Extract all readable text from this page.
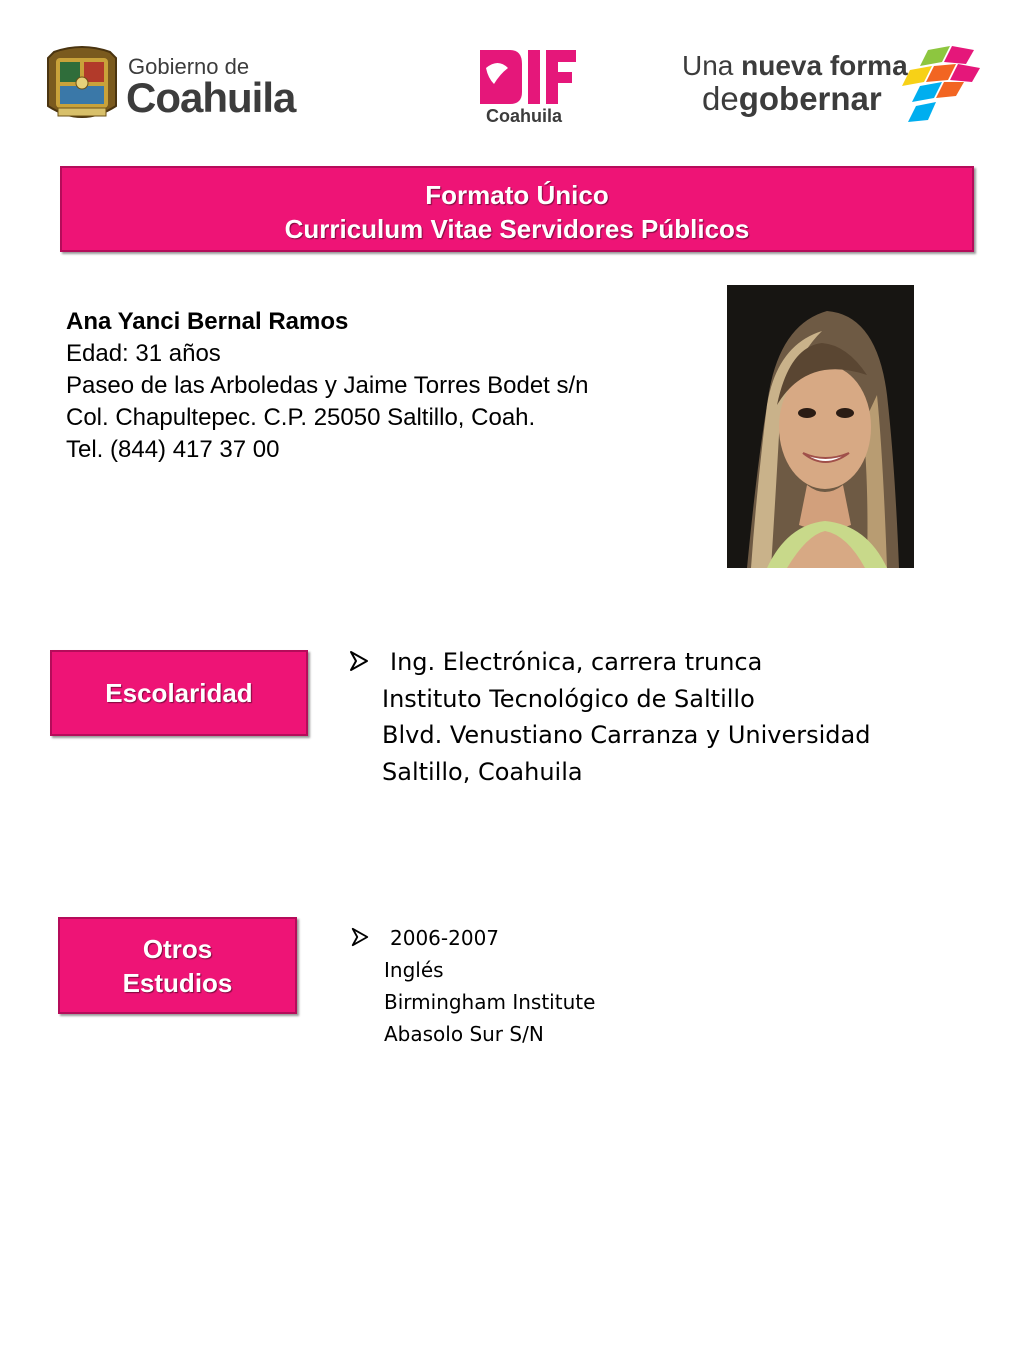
Gobierno de
Coahuila	Coahuila
Una nueva forma
degobernar
Formato Único
Curriculum Vitae Servidores Públicos
Ana Yanci Bernal Ramos
Edad: 31 años
Paseo de las Arboledas y Jaime Torres Bodet s/n
Col. Chapultepec. C.P. 25050 Saltillo, Coah.
Tel. (844) 417 37 00
Escolaridad
Ing. Electrónica, carrera trunca
Instituto Tecnológico de Saltillo
Blvd. Venustiano Carranza y Universidad
Saltillo, Coahuila
Otros
Estudios
2006-2007
Inglés
Birmingham Institute
Abasolo Sur S/N
